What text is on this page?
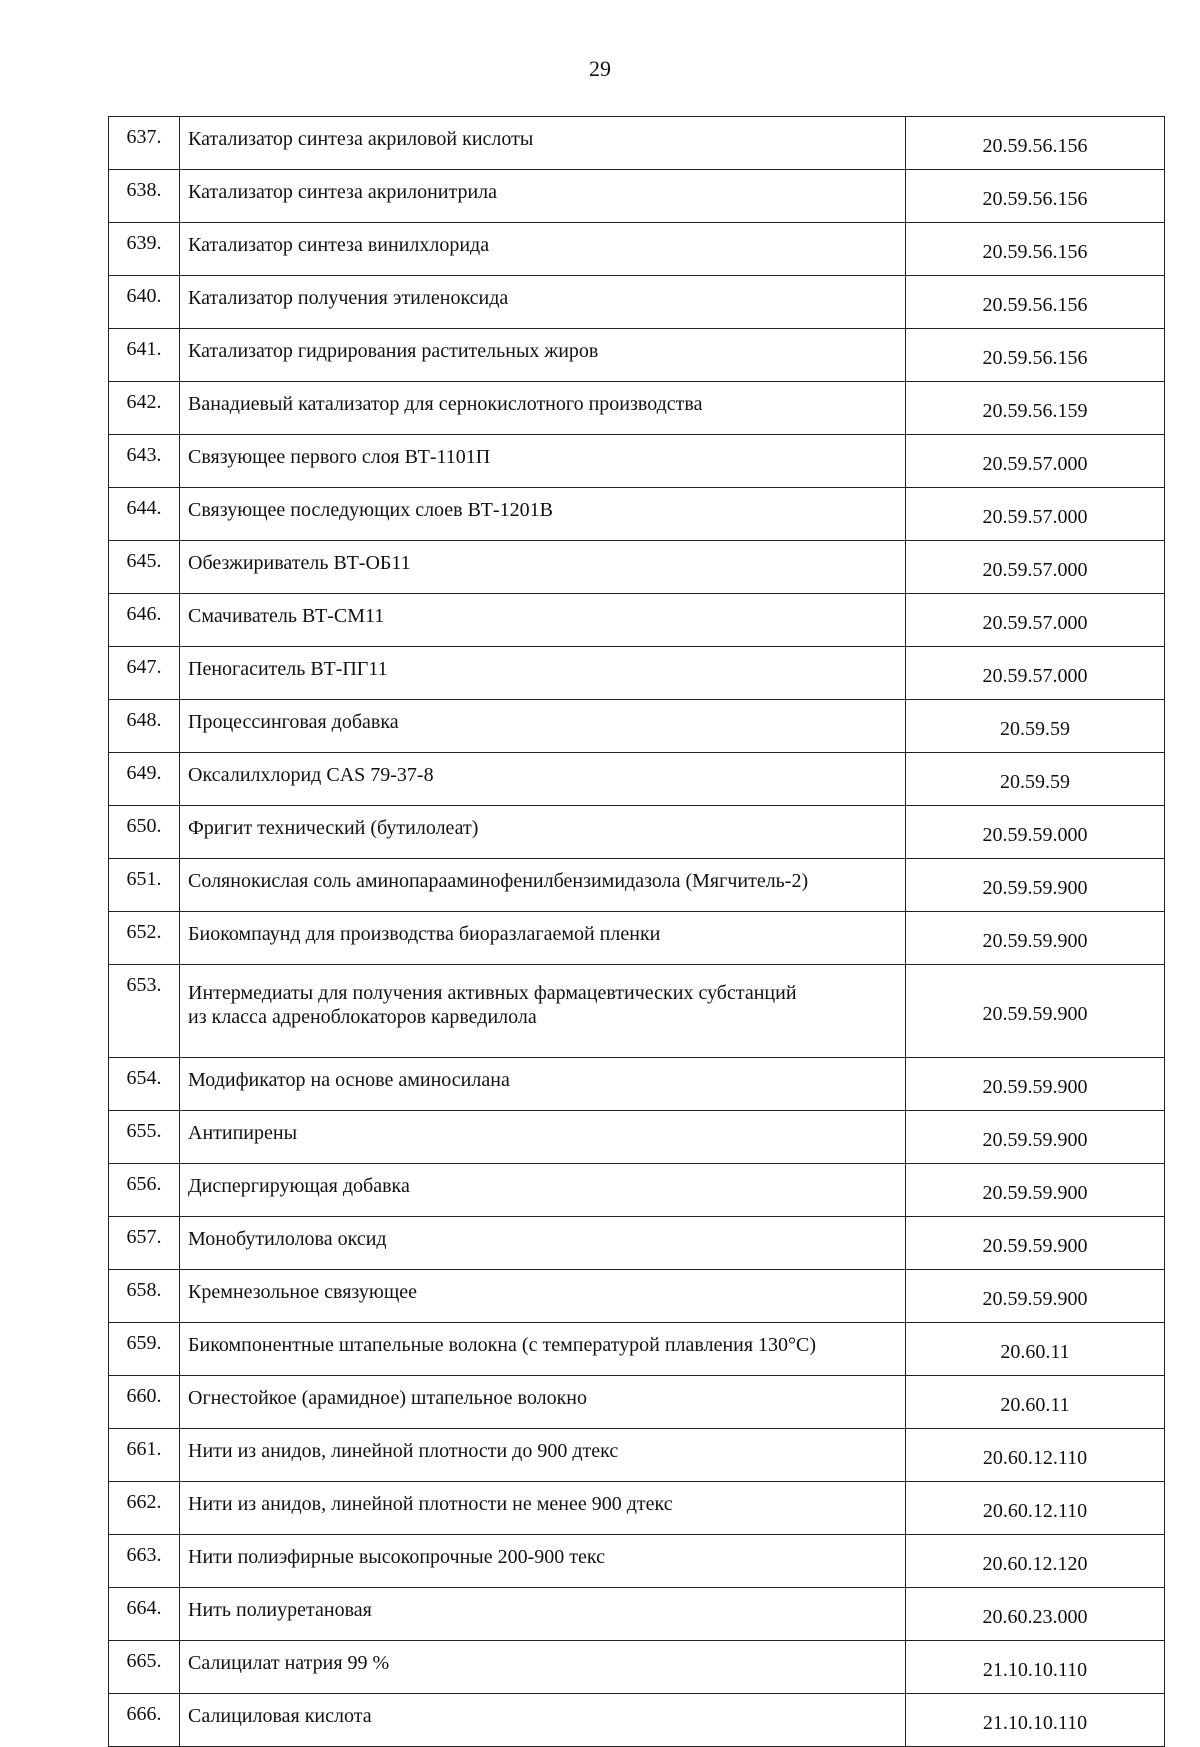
29
637.	Катализатор синтеза акриловой кислоты	20.59.56.156
638.	Катализатор синтеза акрилонитрила	20.59.56.156
639.	Катализатор синтеза винилхлорида	20.59.56.156
640.	Катализатор получения этиленоксида	20.59.56.156
641.	Катализатор гидрирования растительных жиров	20.59.56.156
642.	Ванадиевый катализатор для сернокислотного производства	20.59.56.159
643.	Связующее первого слоя ВТ-1101П	20.59.57.000
644.	Связующее последующих слоев ВТ-1201В	20.59.57.000
645.	Обезжириватель ВТ-ОБ11	20.59.57.000
646.	Смачиватель ВТ-СМ11	20.59.57.000
647.	Пеногаситель ВТ-ПГ11	20.59.57.000
648.	Процессинговая добавка	20.59.59
649.	Оксалилхлорид CAS 79-37-8	20.59.59
650.	Фригит технический (бутилолеат)	20.59.59.000
651.	Солянокислая соль аминопарааминофенилбензимидазола (Мягчитель-2)	20.59.59.900
652.	Биокомпаунд для производства биоразлагаемой пленки	20.59.59.900
653.	Интермедиаты для получения активных фармацевтических субстанций
из класса адреноблокаторов карведилола	20.59.59.900
654.	Модификатор на основе аминосилана	20.59.59.900
655.	Антипирены	20.59.59.900
656.	Диспергирующая добавка	20.59.59.900
657.	Монобутилолова оксид	20.59.59.900
658.	Кремнезольное связующее	20.59.59.900
659.	Бикомпонентные штапельные волокна (с температурой плавления 130°С)	20.60.11
660.	Огнестойкое (арамидное) штапельное волокно	20.60.11
661.	Нити из анидов, линейной плотности до 900 дтекс	20.60.12.110
662.	Нити из анидов, линейной плотности не менее 900 дтекс	20.60.12.110
663.	Нити полиэфирные высокопрочные 200-900 текс	20.60.12.120
664.	Нить полиуретановая	20.60.23.000
665.	Салицилат натрия 99 %	21.10.10.110
666.	Салициловая кислота	21.10.10.110
